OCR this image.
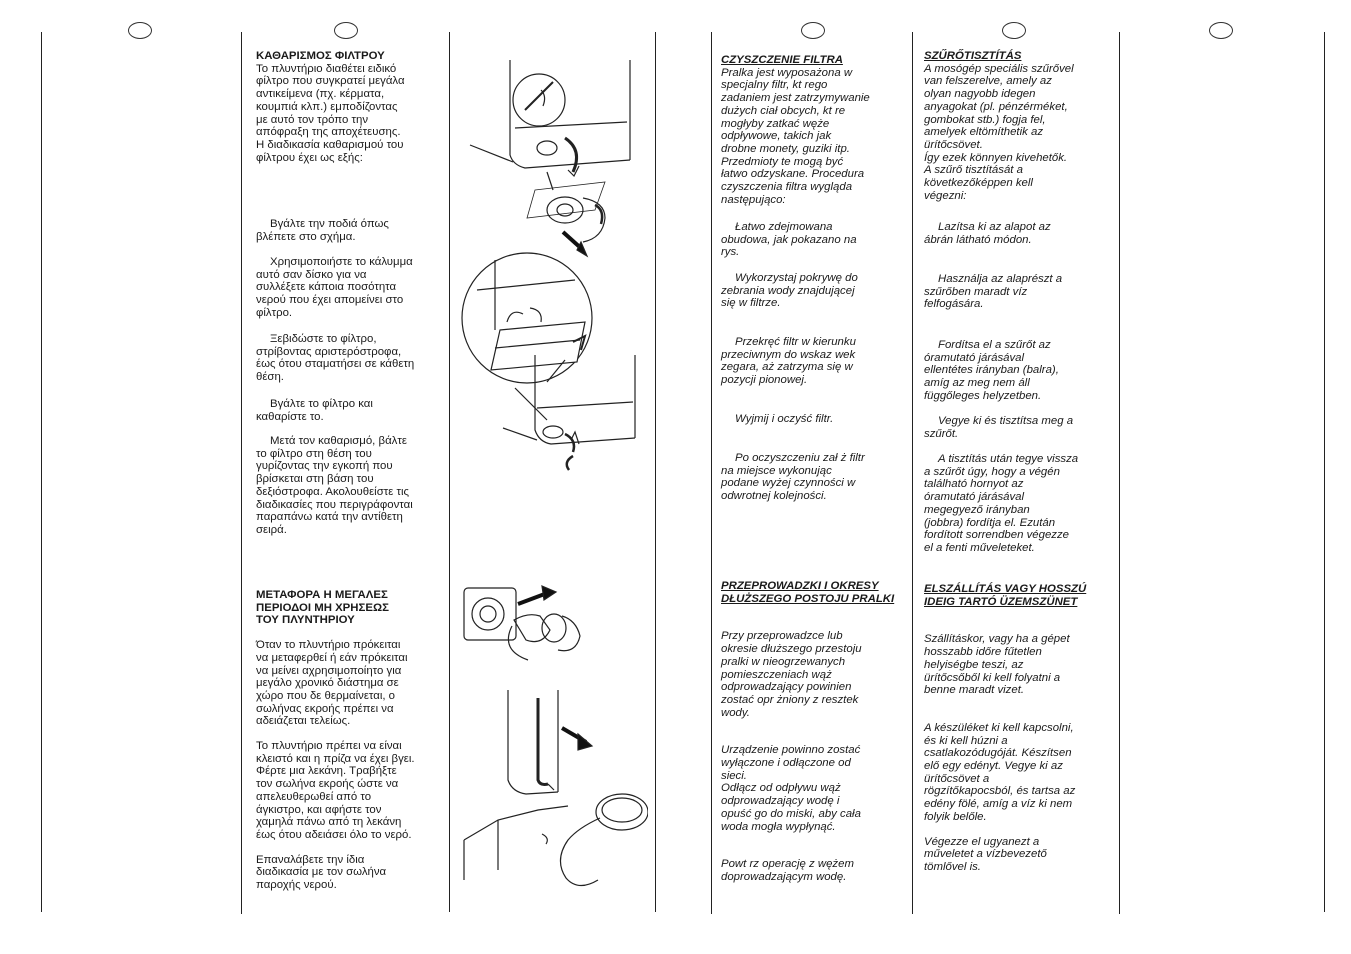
ΚΑΘΑΡΙΣΜΟΣ ΦΙΛΤΡΟΥ

Το πλυντήριο διαθέτει ειδικό
φίλτρο που συγκρατεί μεγάλα
αντικείμενα (πχ. κέρματα,
κουμπιά κλπ.) εμποδίζοντας
με αυτό τον τρόπο την
απόφραξη της αποχέτευσης.
Η διαδικασία καθαρισμού του
φίλτρου έχει ως εξής:

Βγάλτε την ποδιά όπως
βλέπετε στο σχήμα.

Χρησιμοποιήστε το κάλυμμα
αυτό σαν δίσκο για να
συλλέξετε κάποια ποσότητα
νερού που έχει απομείνει στο
φίλτρο.

Ξεβιδώστε το φίλτρο,
στρίβοντας αριστερόστροφα,
έως ότου σταματήσει σε κάθετη
θέση.

Βγάλτε το φίλτρο και
καθαρίστε το.

Μετά τον καθαρισμό, βάλτε
το φίλτρο στη θέση του
γυρίζοντας την εγκοπή που
βρίσκεται στη βάση του
δεξιόστροφα. Ακολουθείστε τις
διαδικασίες που περιγράφονται
παραπάνω κατά την αντίθετη
σειρά.

ΜΕΤΑΦΟΡΑ Η ΜΕΓΑΛΕΣ
ΠΕΡΙΟΔΟΙ ΜΗ ΧΡΗΣΕΩΣ
ΤΟΥ ΠΛΥΝΤΗΡΙΟΥ

Όταν το πλυντήριο πρόκειται
να μεταφερθεί ή εάν πρόκειται
να μείνει αχρησιμοποίητο για
μεγάλο χρονικό διάστημα σε
χώρο που δε θερμαίνεται, ο
σωλήνας εκροής πρέπει να
αδειάζεται τελείως.

Το πλυντήριο πρέπει να είναι
κλειστό και η πρίζα να έχει βγει.
Φέρτε μια λεκάνη. Τραβήξτε
τον σωλήνα εκροής ώστε να
απελευθερωθεί από το
άγκιστρο, και αφήστε τον
χαμηλά πάνω από τη λεκάνη
έως ότου αδειάσει όλο το νερό.

Επαναλάβετε την ίδια
διαδικασία με τον σωλήνα
παροχής νερού.

CZYSZCZENIE FILTRA

Pralka jest wyposażona w
specjalny filtr, kt rego
zadaniem jest zatrzymywanie
dużych ciał obcych, kt re
mogłyby zatkać węże
odpływowe, takich jak
drobne monety, guziki itp.
Przedmioty te mogą być
łatwo odzyskane. Procedura
czyszczenia filtra wygląda
następująco:

Łatwo zdejmowana
obudowa, jak pokazano na
rys.

Wykorzystaj pokrywę do
zebrania wody znajdującej
się w filtrze.

Przekręć filtr w kierunku
przeciwnym do wskaz wek
zegara, aż zatrzyma się w
pozycji pionowej.

Wyjmij i oczyść filtr.

Po oczyszczeniu zał ż filtr
na miejsce wykonując
podane wyżej czynności w
odwrotnej kolejności.

PRZEPROWADZKI I OKRESY
DŁUŻSZEGO POSTOJU PRALKI

Przy przeprowadzce lub
okresie dłuższego przestoju
pralki w nieogrzewanych
pomieszczeniach wąż
odprowadzający powinien
zostać opr żniony z resztek
wody.

Urządzenie powinno zostać
wyłączone i odłączone od
sieci.
Odłącz od odpływu wąż
odprowadzający wodę i
opuść go do miski, aby cała
woda mogła wypłynąć.

Powt rz operację z wężem
doprowadzającym wodę.

SZŰRŐTISZTÍTÁS

A mosógép speciális szűrővel
van felszerelve, amely az
olyan nagyobb idegen
anyagokat (pl. pénzérméket,
gombokat stb.) fogja fel,
amelyek eltömíthetik az
ürítőcsövet.
Így ezek könnyen kivehetők.
A szűrő tisztítását a
következőképpen kell
végezni:

Lazítsa ki az alapot az
ábrán látható módon.

Használja az alaprészt a
szűrőben maradt víz
felfogására.

Fordítsa el a szűrőt az
óramutató járásával
ellentétes irányban (balra),
amíg az meg nem áll
függőleges helyzetben.

Vegye ki és tisztítsa meg a
szűrőt.

A tisztítás után tegye vissza
a szűrőt úgy, hogy a végén
található hornyot az
óramutató járásával
megegyező irányban
(jobbra) fordítja el. Ezután
fordított sorrendben végezze
el a fenti műveleteket.

ELSZÁLLÍTÁS VAGY HOSSZÚ
IDEIG TARTÓ ÜZEMSZÜNET

Szállításkor, vagy ha a gépet
hosszabb időre fűtetlen
helyiségbe teszi, az
ürítőcsőből ki kell folyatni a
benne maradt vizet.

A készüléket ki kell kapcsolni,
és ki kell húzni a
csatlakozódugóját. Készítsen
elő egy edényt. Vegye ki az
ürítőcsövet a
rögzítőkapocsból, és tartsa az
edény fölé, amíg a víz ki nem
folyik belőle.

Végezze el ugyanezt a
műveletet a vízbevezető
tömlővel is.
